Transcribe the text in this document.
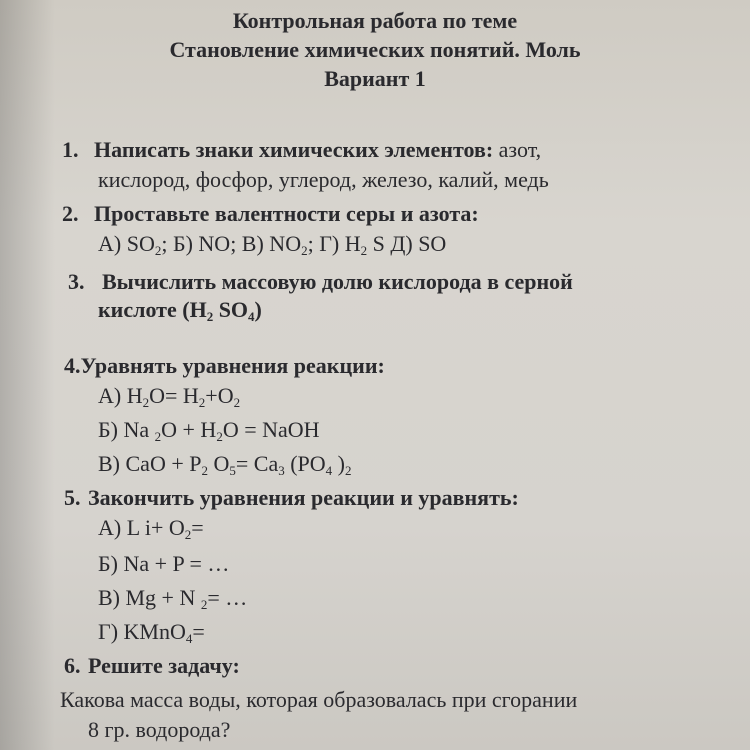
Контрольная работа по теме
Становление химических понятий. Моль
Вариант 1
1. Написать знаки химических элементов: азот,
кислород, фосфор, углерод, железо, калий, медь
2. Проставьте валентности серы и азота:
А) $SO_2$; Б) NO; В) $NO_2$; Г) $H_2$ S Д) SO
3. Вычислить массовую долю кислорода в серной
кислоте ($H_2$ $SO_4$)
4.Уравнять уравнения реакции:
А) $H_2O= H_2+O_2$
Б) Na $_2O + H_2O$ = NaOH
В) CaO + $P_2$ $O_5= Ca_3$ ($PO_4$ )$_2$
5. Закончить уравнения реакции и уравнять:
А) L $i+ O_2=$
Б) Na + P = …
В) Mg + N $_2$= …
Г) KMnO$_4$=
6. Решите задачу:
Какова масса воды, которая образовалась при сгорании
8 гр. водорода?
